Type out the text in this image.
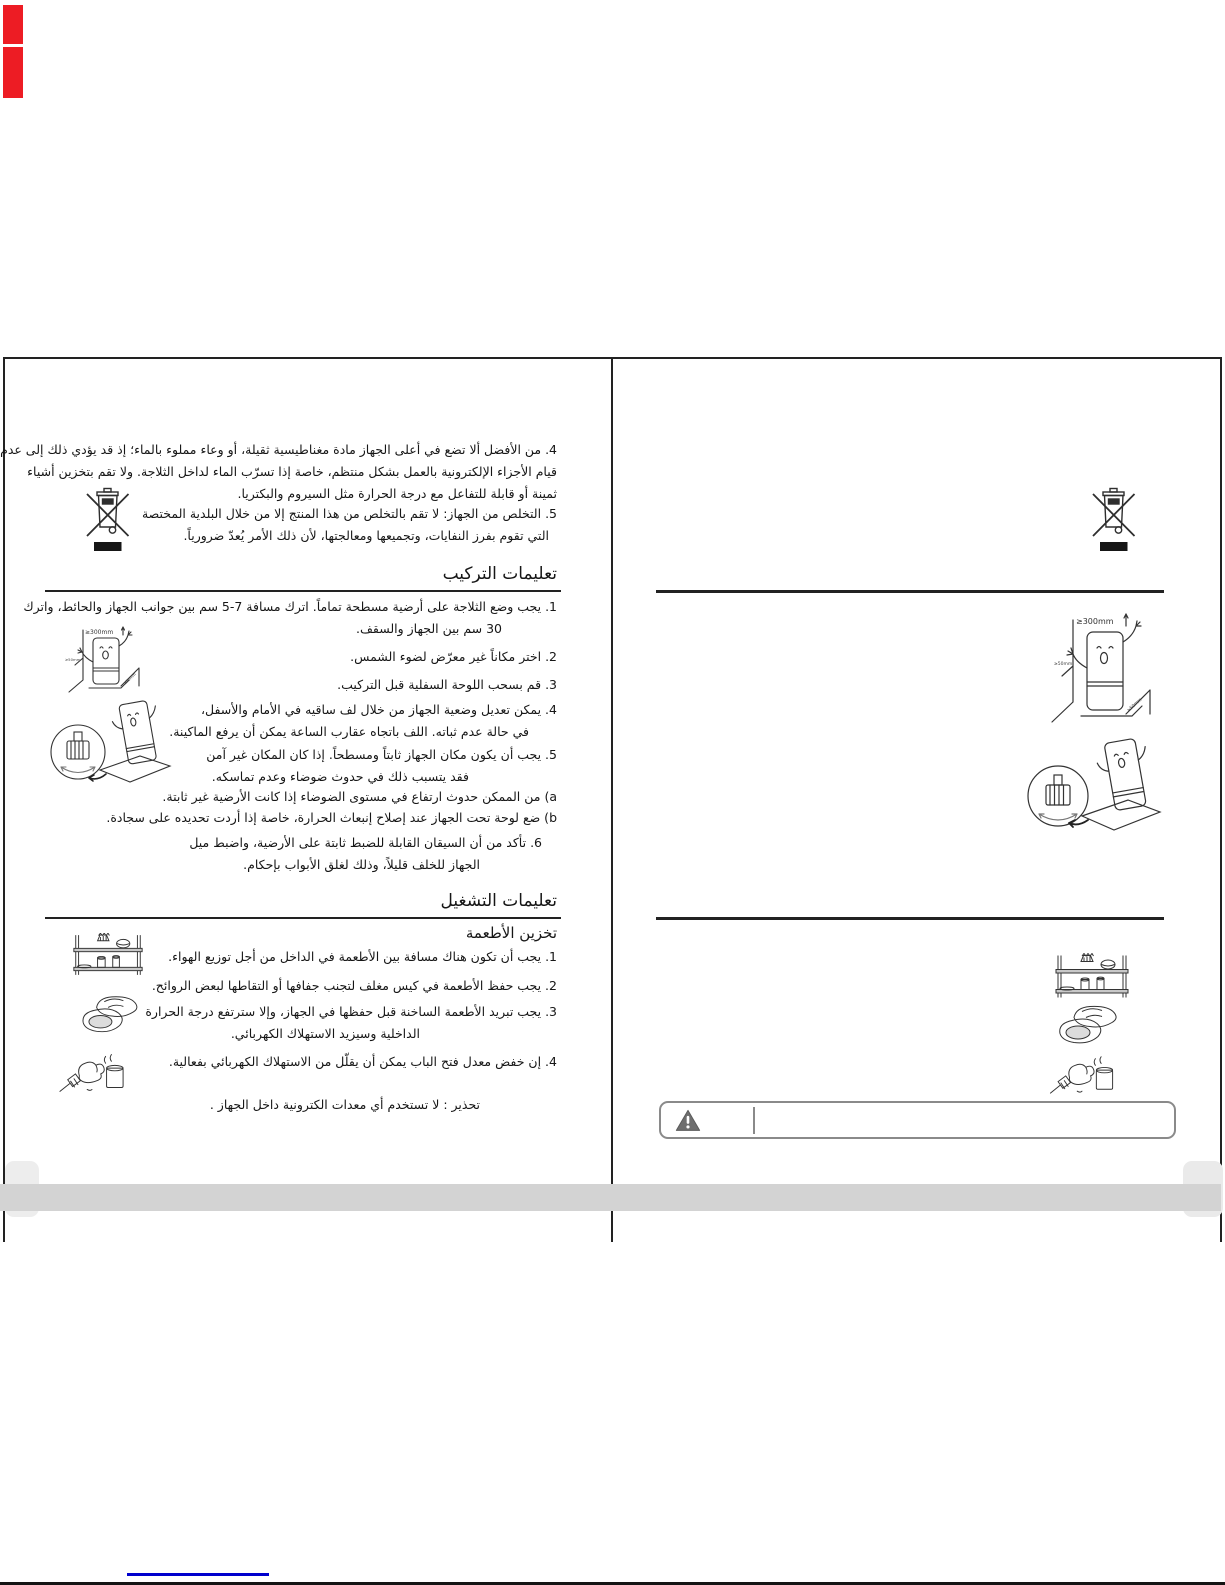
4. من الأفضل ألا تضع في أعلى الجهاز مادة مغناطيسية ثقيلة، أو وعاء مملوء بالماء؛ إذ قد يؤدي ذلك إلى عدم
قيام الأجزاء الإلكترونية بالعمل بشكل منتظم، خاصة إذا تسرّب الماء لداخل الثلاجة. ولا تقم بتخزين أشياء
ثمينة أو قابلة للتفاعل مع درجة الحرارة مثل السيروم والبكتريا.
5. التخلص من الجهاز: لا تقم بالتخلص من هذا المنتج إلا من خلال البلدية المختصة
التي تقوم بفرز النفايات، وتجميعها ومعالجتها، لأن ذلك الأمر يُعدّ ضرورياً.
تعليمات التركيب
1. يجب وضع الثلاجة على أرضية مسطحة تماماً. اترك مسافة 7-5 سم بين جوانب الجهاز والحائط، واترك
30 سم بين الجهاز والسقف.
2. اختر مكاناً غير معرّض لضوء الشمس.
3. قم بسحب اللوحة السفلية قبل التركيب.
4. يمكن تعديل وضعية الجهاز من خلال لف ساقيه في الأمام والأسفل،
في حالة عدم ثباته. اللف باتجاه عقارب الساعة يمكن أن يرفع الماكينة.
5. يجب أن يكون مكان الجهاز ثابتاً ومسطحاً. إذا كان المكان غير آمن
فقد يتسبب ذلك في حدوث ضوضاء وعدم تماسكه.
a) من الممكن حدوث ارتفاع في مستوى الضوضاء إذا كانت الأرضية غير ثابتة.
b) ضع لوحة تحت الجهاز عند إصلاح إنبعاث الحرارة، خاصة إذا أردت تحديده على سجادة.
6. تأكد من أن السيقان القابلة للضبط ثابتة على الأرضية، واضبط ميل
الجهاز للخلف قليلاً، وذلك لغلق الأبواب بإحكام.
≥300mm
≥50mm
≥50mm
تعليمات التشغيل
تخزين الأطعمة
1. يجب أن تكون هناك مسافة بين الأطعمة في الداخل من أجل توزيع الهواء.
2. يجب حفظ الأطعمة في كيس مغلف لتجنب جفافها أو التقاطها لبعض الروائح.
3. يجب تبريد الأطعمة الساخنة قبل حفظها في الجهاز، وإلا سترتفع درجة الحرارة
الداخلية وسيزيد الاستهلاك الكهربائي.
4. إن خفض معدل فتح الباب يمكن أن يقلّل من الاستهلاك الكهربائي بفعالية.
تحذير : لا تستخدم أي معدات الكترونية داخل الجهاز .
≥300mm
≥50mm
≥50mm
